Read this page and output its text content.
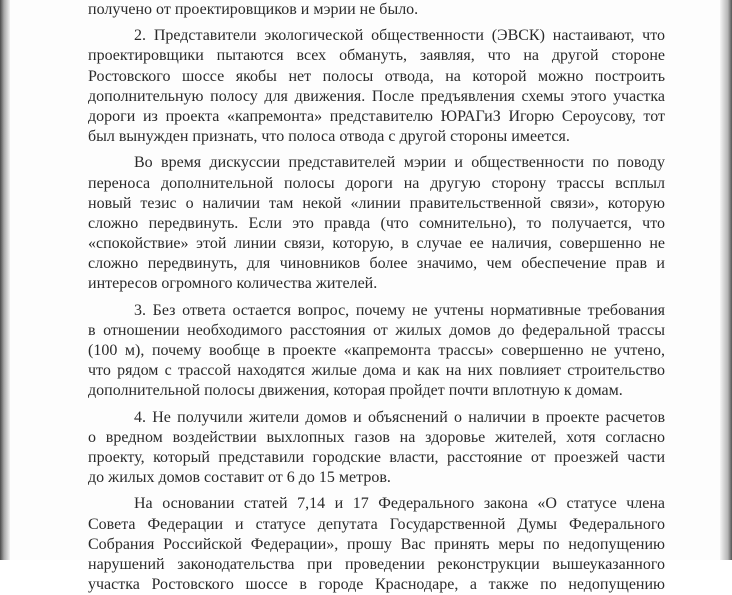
получено от проектировщиков и мэрии не было.
2. Представители экологической общественности (ЭВСК) настаивают, что
проектировщики пытаются всех обмануть, заявляя, что на другой стороне
Ростовского шоссе якобы нет полосы отвода, на которой можно построить
дополнительную полосу для движения. После предъявления схемы этого участка
дороги из проекта «капремонта» представителю ЮРАГиЗ Игорю Сероусову, тот
был вынужден признать, что полоса отвода с другой стороны имеется.
Во время дискуссии представителей мэрии и общественности по поводу
переноса дополнительной полосы дороги на другую сторону трассы всплыл
новый тезис о наличии там некой «линии правительственной связи», которую
сложно передвинуть. Если это правда (что сомнительно), то получается, что
«спокойствие» этой линии связи, которую, в случае ее наличия, совершенно не
сложно передвинуть, для чиновников более значимо, чем обеспечение прав и
интересов огромного количества жителей.
3. Без ответа остается вопрос, почему не учтены нормативные требования
в отношении необходимого расстояния от жилых домов до федеральной трассы
(100 м), почему вообще в проекте «капремонта трассы» совершенно не учтено,
что рядом с трассой находятся жилые дома и как на них повлияет строительство
дополнительной полосы движения, которая пройдет почти вплотную к домам.
4. Не получили жители домов и объяснений о наличии в проекте расчетов
о вредном воздействии выхлопных газов на здоровье жителей, хотя согласно
проекту, который представили городские власти, расстояние от проезжей части
до жилых домов составит от 6 до 15 метров.
На основании статей 7,14 и 17 Федерального закона «О статусе члена
Совета Федерации и статусе депутата Государственной Думы Федерального
Собрания Российской Федерации», прошу Вас принять меры по недопущению
нарушений законодательства при проведении реконструкции вышеуказанного
участка Ростовского шоссе в городе Краснодаре, а также по недопущению
